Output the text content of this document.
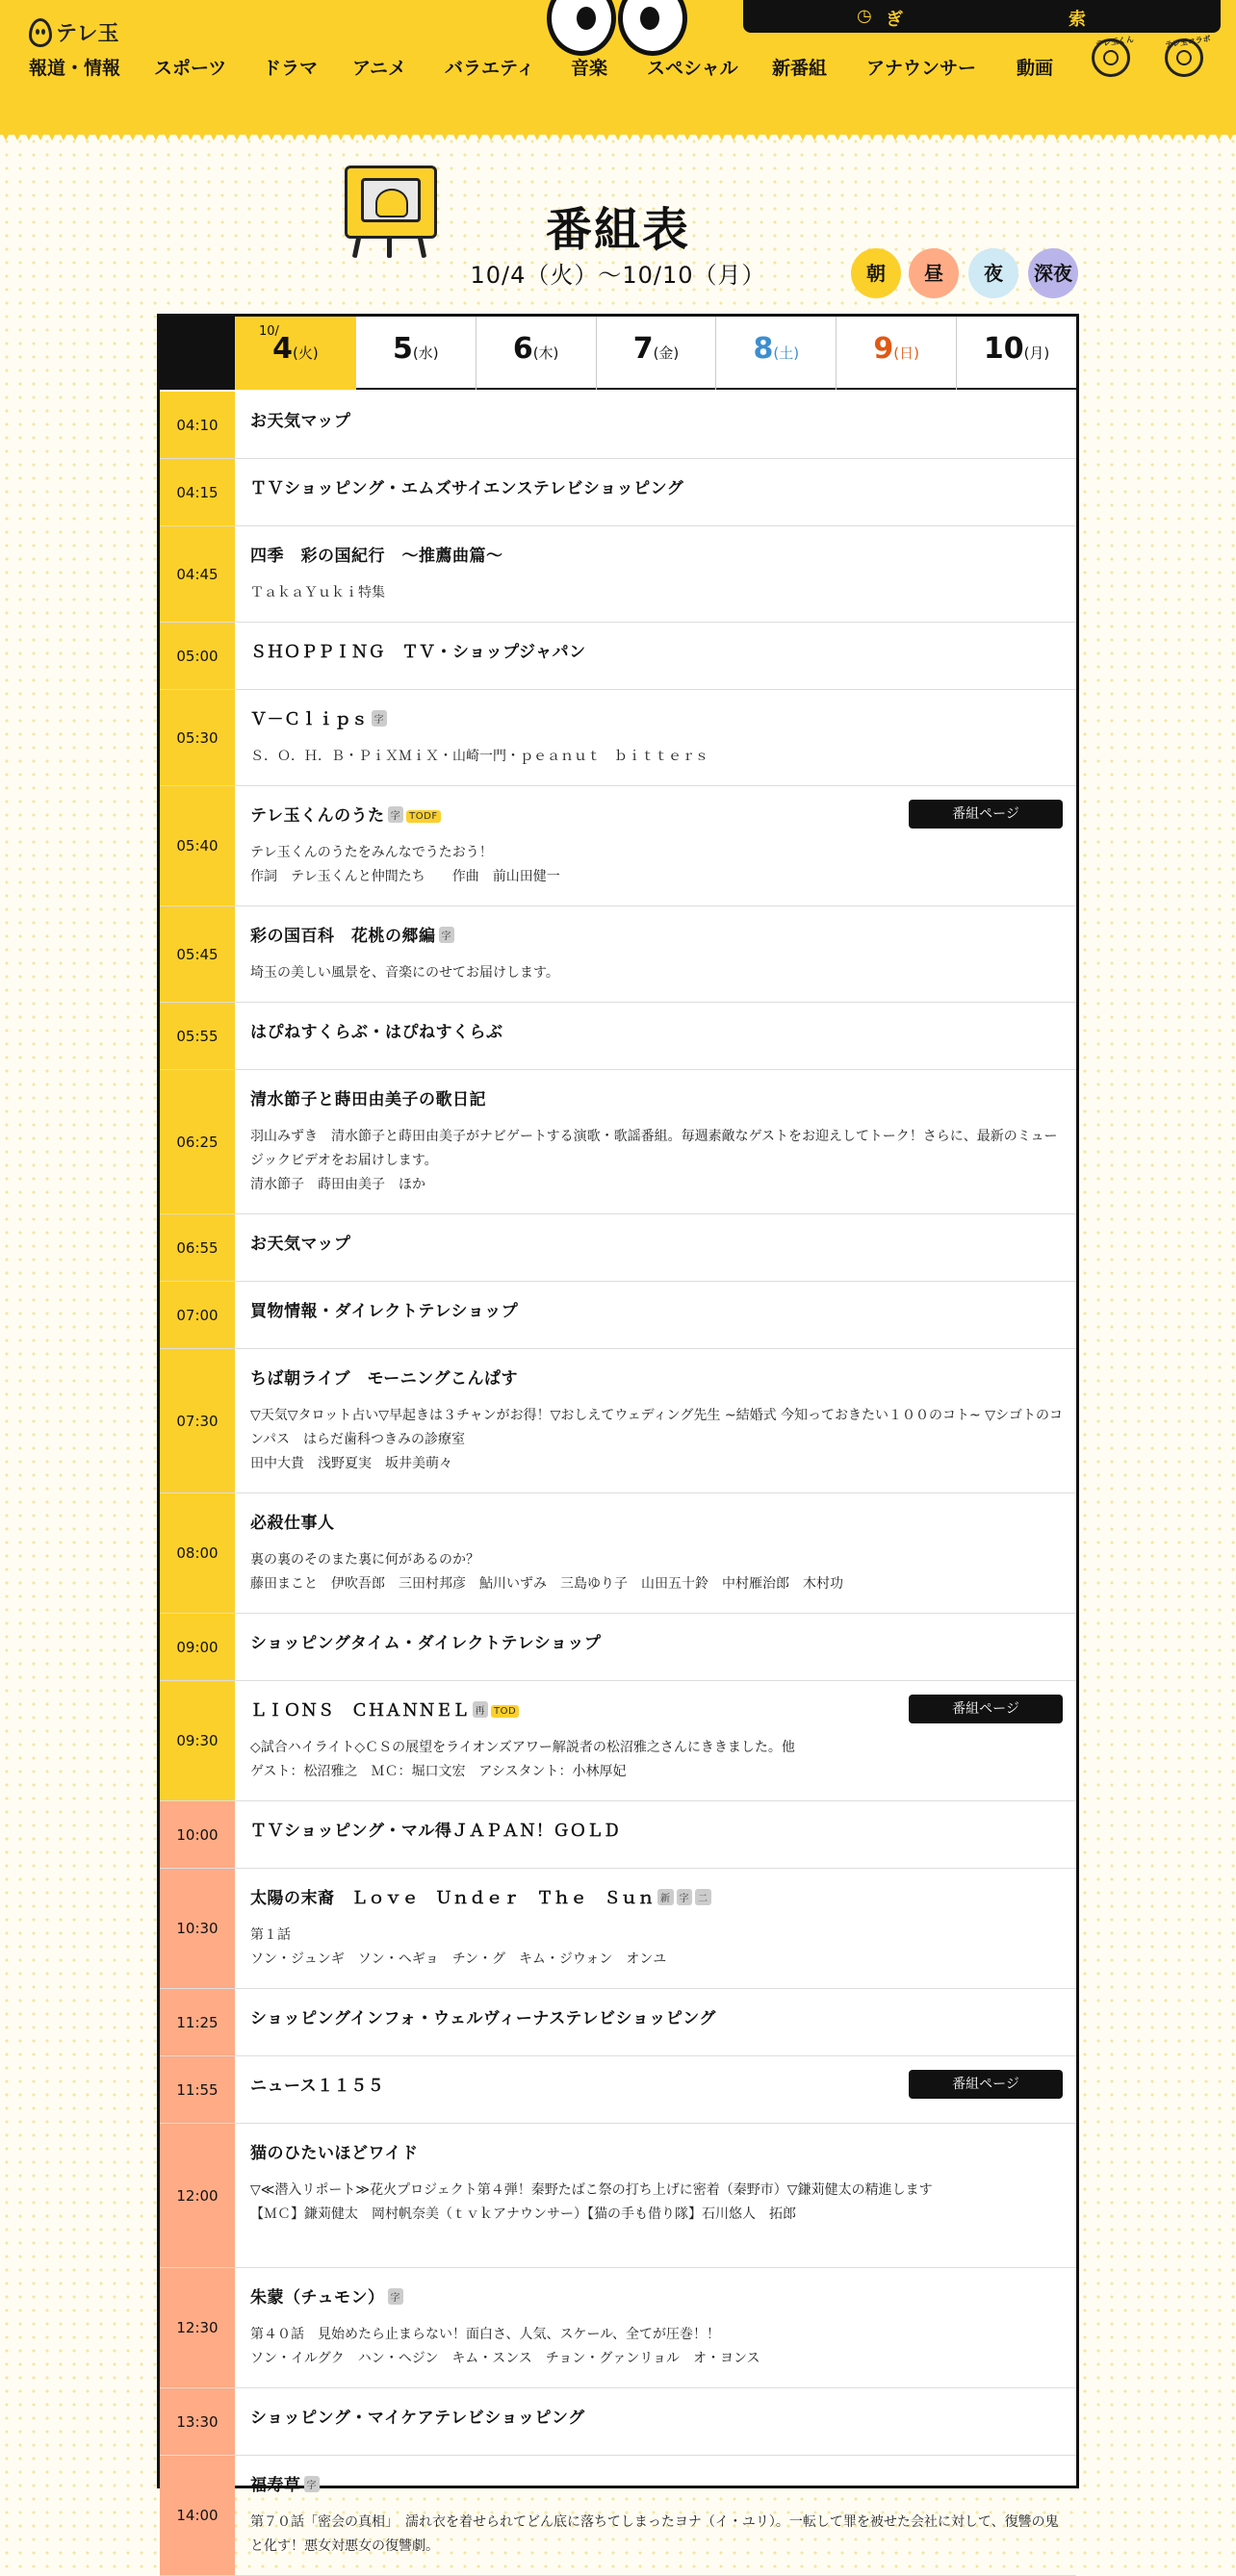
テレ玉
◷ ぎ	索
報道・情報 スポーツ ドラマ アニメ バラエティ 音楽 スペシャル 新番組 アナウンサー 動画
テレ玉くん	テレ玉コラボ
番組表
10/4（火）〜10/10（月）	朝	昼	夜	深夜
10/
4(火)	5(水)	6(木)	7(金)	8(土)	9(日)	10(月)
04:10	お天気マップ
04:15	ＴＶショッピング・エムズサイエンステレビショッピング
04:45
四季　彩の国紀行　～推薦曲篇～
ＴａｋａＹｕｋｉ特集
05:00	ＳＨＯＰＰＩＮＧ　ＴＶ・ショップジャパン
05:30
Ｖ－Ｃｌｉｐｓ 字
Ｓ．Ｏ．Ｈ．Ｂ・ＰｉＸＭｉＸ・山崎一門・ｐｅａｎｕｔ　ｂｉｔｔｅｒｓ
05:40
テレ玉くんのうた 字 TODF
テレ玉くんのうたをみんなでうたおう！
作詞　テレ玉くんと仲間たち　　作曲　前山田健一
番組ページ
05:45
彩の国百科　花桃の郷編 字
埼玉の美しい風景を、音楽にのせてお届けします。
05:55	はぴねすくらぶ・はぴねすくらぶ
06:25
清水節子と蒔田由美子の歌日記
羽山みずき　清水節子と蒔田由美子がナビゲートする演歌・歌謡番組。毎週素敵なゲストをお迎えしてトーク！さらに、最新のミュージックビデオをお届けします。
清水節子　蒔田由美子　ほか
06:55	お天気マップ
07:00	買物情報・ダイレクトテレショップ
07:30
ちば朝ライブ　モーニングこんぱす
▽天気▽タロット占い▽早起きは３チャンがお得！▽おしえてウェディング先生 ~結婚式 今知っておきたい１００のコト~ ▽シゴトのコンパス　はらだ歯科つきみの診療室
田中大貴　浅野夏実　坂井美萌々
08:00
必殺仕事人
裏の裏のそのまた裏に何があるのか？
藤田まこと　伊吹吾郎　三田村邦彦　鮎川いずみ　三島ゆり子　山田五十鈴　中村雁治郎　木村功
09:00	ショッピングタイム・ダイレクトテレショップ
09:30
ＬＩＯＮＳ　ＣＨＡＮＮＥＬ 再 TOD
◇試合ハイライト◇ＣＳの展望をライオンズアワー解説者の松沼雅之さんにききました。他
ゲスト：松沼雅之　ＭＣ：堀口文宏　アシスタント：小林厚妃
番組ページ
10:00	ＴＶショッピング・マル得ＪＡＰＡＮ！ＧＯＬＤ
10:30
太陽の末裔　Ｌｏｖｅ　Ｕｎｄｅｒ　Ｔｈｅ　Ｓｕｎ 新 字 二
第１話
ソン・ジュンギ　ソン・ヘギョ　チン・グ　キム・ジウォン　オンユ
11:25	ショッピングインフォ・ウェルヴィーナステレビショッピング
11:55	ニュース１１５５	番組ページ
12:00
猫のひたいほどワイド
▽≪潜入リポート≫花火プロジェクト第４弾！秦野たばこ祭の打ち上げに密着（秦野市）▽鎌苅健太の精進します
【ＭＣ】鎌苅健太　岡村帆奈美（ｔｖｋアナウンサー）【猫の手も借り隊】石川悠人　拓郎
12:30
朱蒙（チュモン） 字
第４０話　見始めたら止まらない！面白さ、人気、スケール、全てが圧巻！！
ソン・イルグク　ハン・ヘジン　キム・スンス　チョン・グァンリョル　オ・ヨンス
13:30	ショッピング・マイケアテレビショッピング
14:00
福寿草 字
第７０話「密会の真相」　濡れ衣を着せられてどん底に落ちてしまったヨナ（イ・ユリ）。一転して罪を被せた会社に対して、復讐の鬼と化す！悪女対悪女の復讐劇。
